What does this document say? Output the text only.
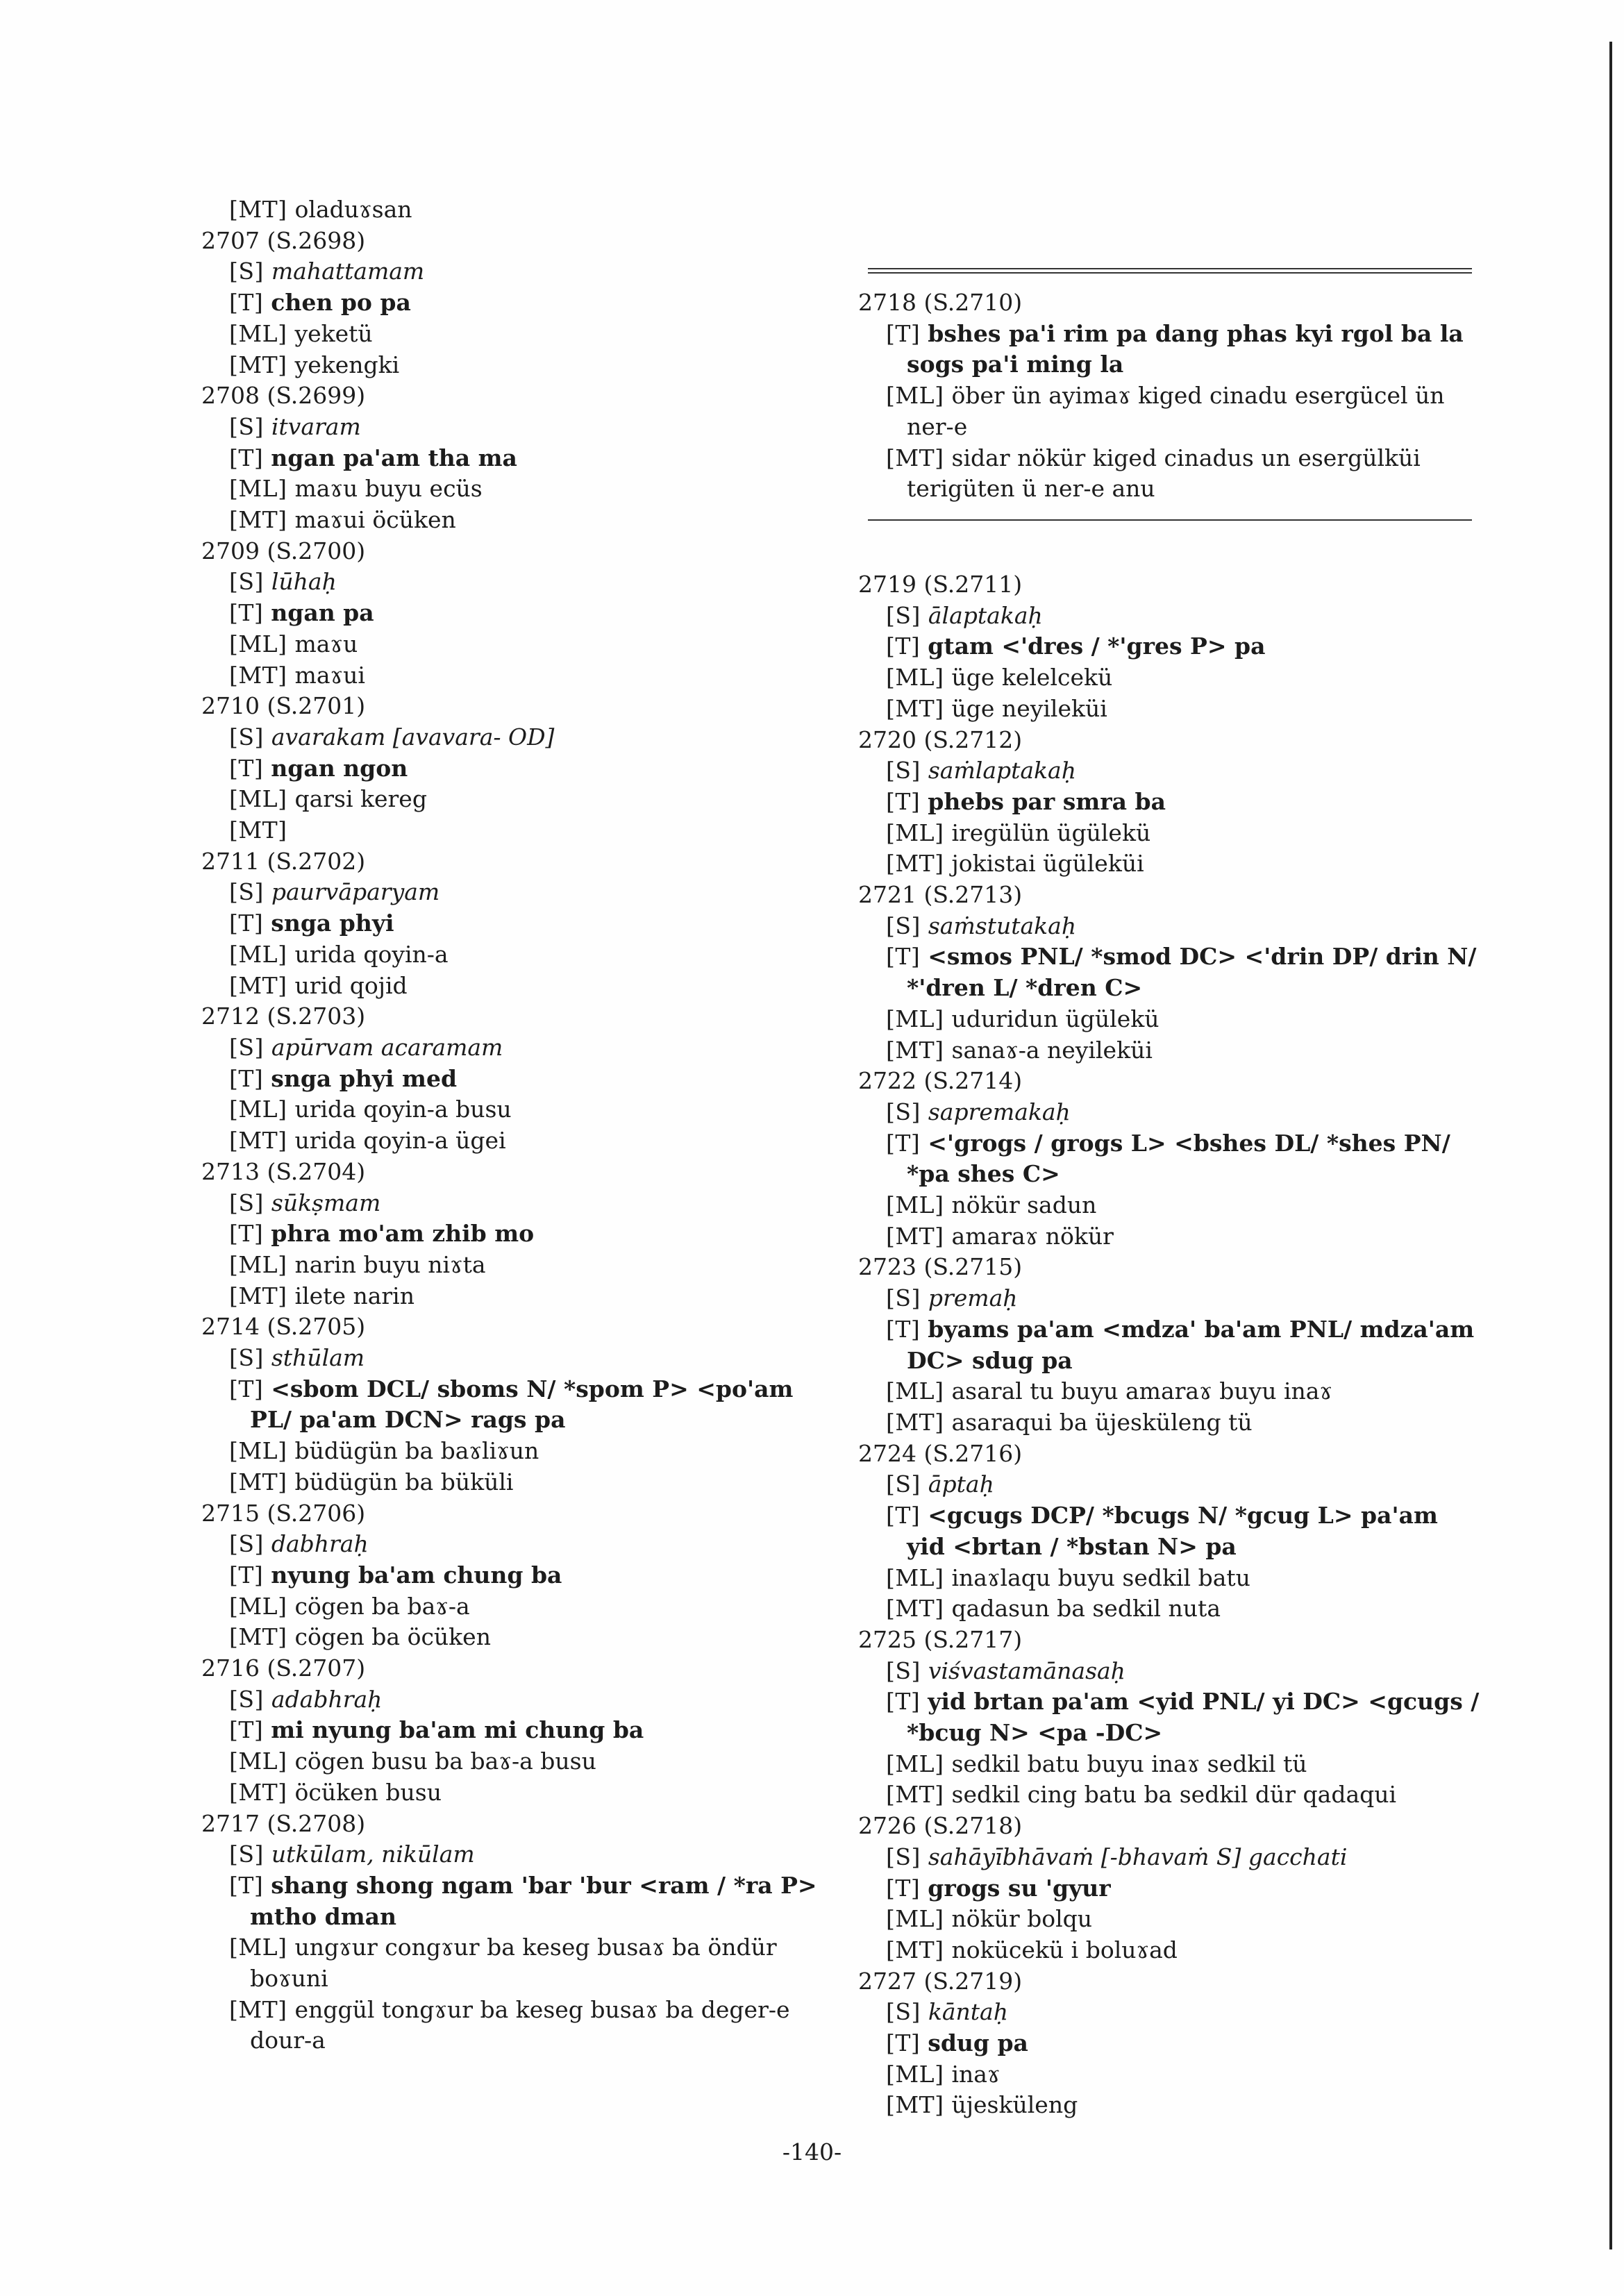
[MT] oladuɤsan
2707 (S.2698)
[S] mahattamam
[T] chen po pa
[ML] yeketü
[MT] yekengki
2708 (S.2699)
[S] itvaram
[T] ngan pa'am tha ma
[ML] maɤu buyu ecüs
[MT] maɤui öcüken
2709 (S.2700)
[S] lūhaḥ
[T] ngan pa
[ML] maɤu
[MT] maɤui
2710 (S.2701)
[S] avarakam [avavara- OD]
[T] ngan ngon
[ML] qarsi kereg
[MT]
2711 (S.2702)
[S] paurvāparyam
[T] snga phyi
[ML] urida qoyin-a
[MT] urid qojid
2712 (S.2703)
[S] apūrvam acaramam
[T] snga phyi med
[ML] urida qoyin-a busu
[MT] urida qoyin-a ügei
2713 (S.2704)
[S] sūkṣmam
[T] phra mo'am zhib mo
[ML] narin buyu niɤta
[MT] ilete narin
2714 (S.2705)
[S] sthūlam
[T] <sbom DCL/ sboms N/ *spom P> <po'am PL/ pa'am DCN> rags pa
[ML] büdügün ba baɤliɤun
[MT] büdügün ba büküli
2715 (S.2706)
[S] dabhraḥ
[T] nyung ba'am chung ba
[ML] cögen ba baɤ-a
[MT] cögen ba öcüken
2716 (S.2707)
[S] adabhraḥ
[T] mi nyung ba'am mi chung ba
[ML] cögen busu ba baɤ-a busu
[MT] öcüken busu
2717 (S.2708)
[S] utkūlam, nikūlam
[T] shang shong ngam 'bar 'bur <ram / *ra P> mtho dman
[ML] ungɤur congɤur ba keseg busaɤ ba öndür boɤuni
[MT] enggül tongɤur ba keseg busaɤ ba deger-e dour-a
2718 (S.2710)
[T] bshes pa'i rim pa dang phas kyi rgol ba la sogs pa'i ming la
[ML] öber ün ayimaɤ kiged cinadu esergücel ün ner-e
[MT] sidar nökür kiged cinadus un esergülküi terigüten ü ner-e anu
2719 (S.2711)
[S] ālaptakaḥ
[T] gtam <'dres / *'gres P> pa
[ML] üge kelelcekü
[MT] üge neyileküi
2720 (S.2712)
[S] saṁlaptakaḥ
[T] phebs par smra ba
[ML] iregülün ügülekü
[MT] jokistai ügüleküi
2721 (S.2713)
[S] saṁstutakaḥ
[T] <smos PNL/ *smod DC> <'drin DP/ drin N/ *'dren L/ *dren C>
[ML] uduridun ügülekü
[MT] sanaɤ-a neyileküi
2722 (S.2714)
[S] sapremakaḥ
[T] <'grogs / grogs L> <bshes DL/ *shes PN/ *pa shes C>
[ML] nökür sadun
[MT] amaraɤ nökür
2723 (S.2715)
[S] premaḥ
[T] byams pa'am <mdza' ba'am PNL/ mdza'am DC> sdug pa
[ML] asaral tu buyu amaraɤ buyu inaɤ
[MT] asaraqui ba üjesküleng tü
2724 (S.2716)
[S] āptaḥ
[T] <gcugs DCP/ *bcugs N/ *gcug L> pa'am yid <brtan / *bstan N> pa
[ML] inaɤlaqu buyu sedkil batu
[MT] qadasun ba sedkil nuta
2725 (S.2717)
[S] viśvastamānasaḥ
[T] yid brtan pa'am <yid PNL/ yi DC> <gcugs / *bcug N> <pa -DC>
[ML] sedkil batu buyu inaɤ sedkil tü
[MT] sedkil cing batu ba sedkil dür qadaqui
2726 (S.2718)
[S] sahāyībhāvaṁ [-bhavaṁ S] gacchati
[T] grogs su 'gyur
[ML] nökür bolqu
[MT] nokücekü i boluɤad
2727 (S.2719)
[S] kāntaḥ
[T] sdug pa
[ML] inaɤ
[MT] üjesküleng
-140-
